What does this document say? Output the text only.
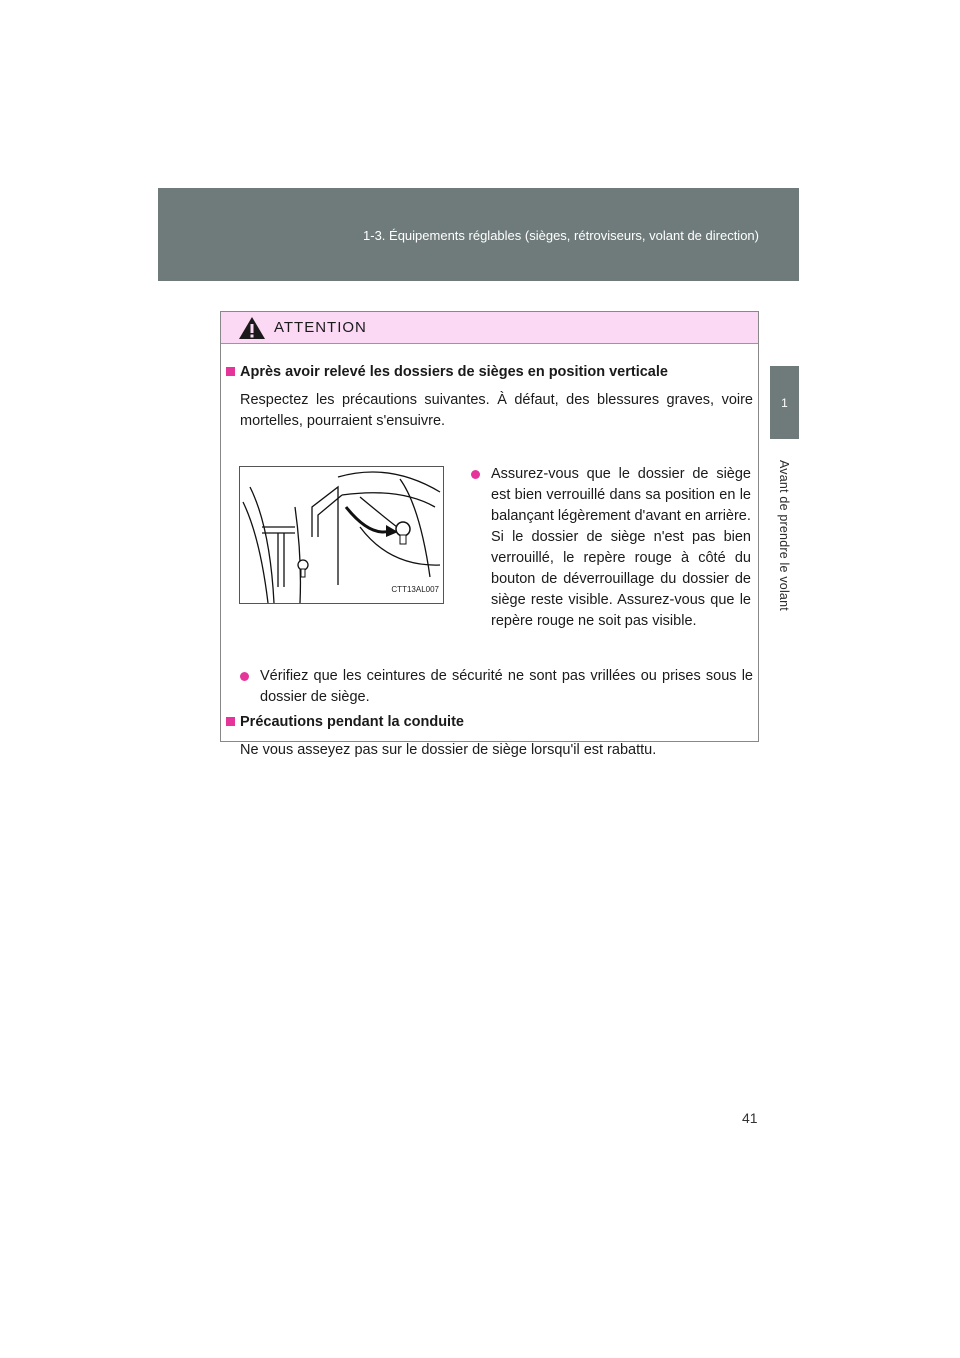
1-3. Équipements réglables (sièges, rétroviseurs, volant de direction)
1
Avant de prendre le volant
ATTENTION
Après avoir relevé les dossiers de sièges en position verticale
Respectez les précautions suivantes. À défaut, des blessures graves, voire mortelles, pourraient s'ensuivre.
CTT13AL007
Assurez-vous que le dossier de siège est bien verrouillé dans sa position en le balançant légèrement d'avant en arrière.
Si le dossier de siège n'est pas bien verrouillé, le repère rouge à côté du bouton de déverrouillage du dossier de siège reste visible. Assurez-vous que le repère rouge ne soit pas visible.
Vérifiez que les ceintures de sécurité ne sont pas vrillées ou prises sous le dossier de siège.
Précautions pendant la conduite
Ne vous asseyez pas sur le dossier de siège lorsqu'il est rabattu.
41
